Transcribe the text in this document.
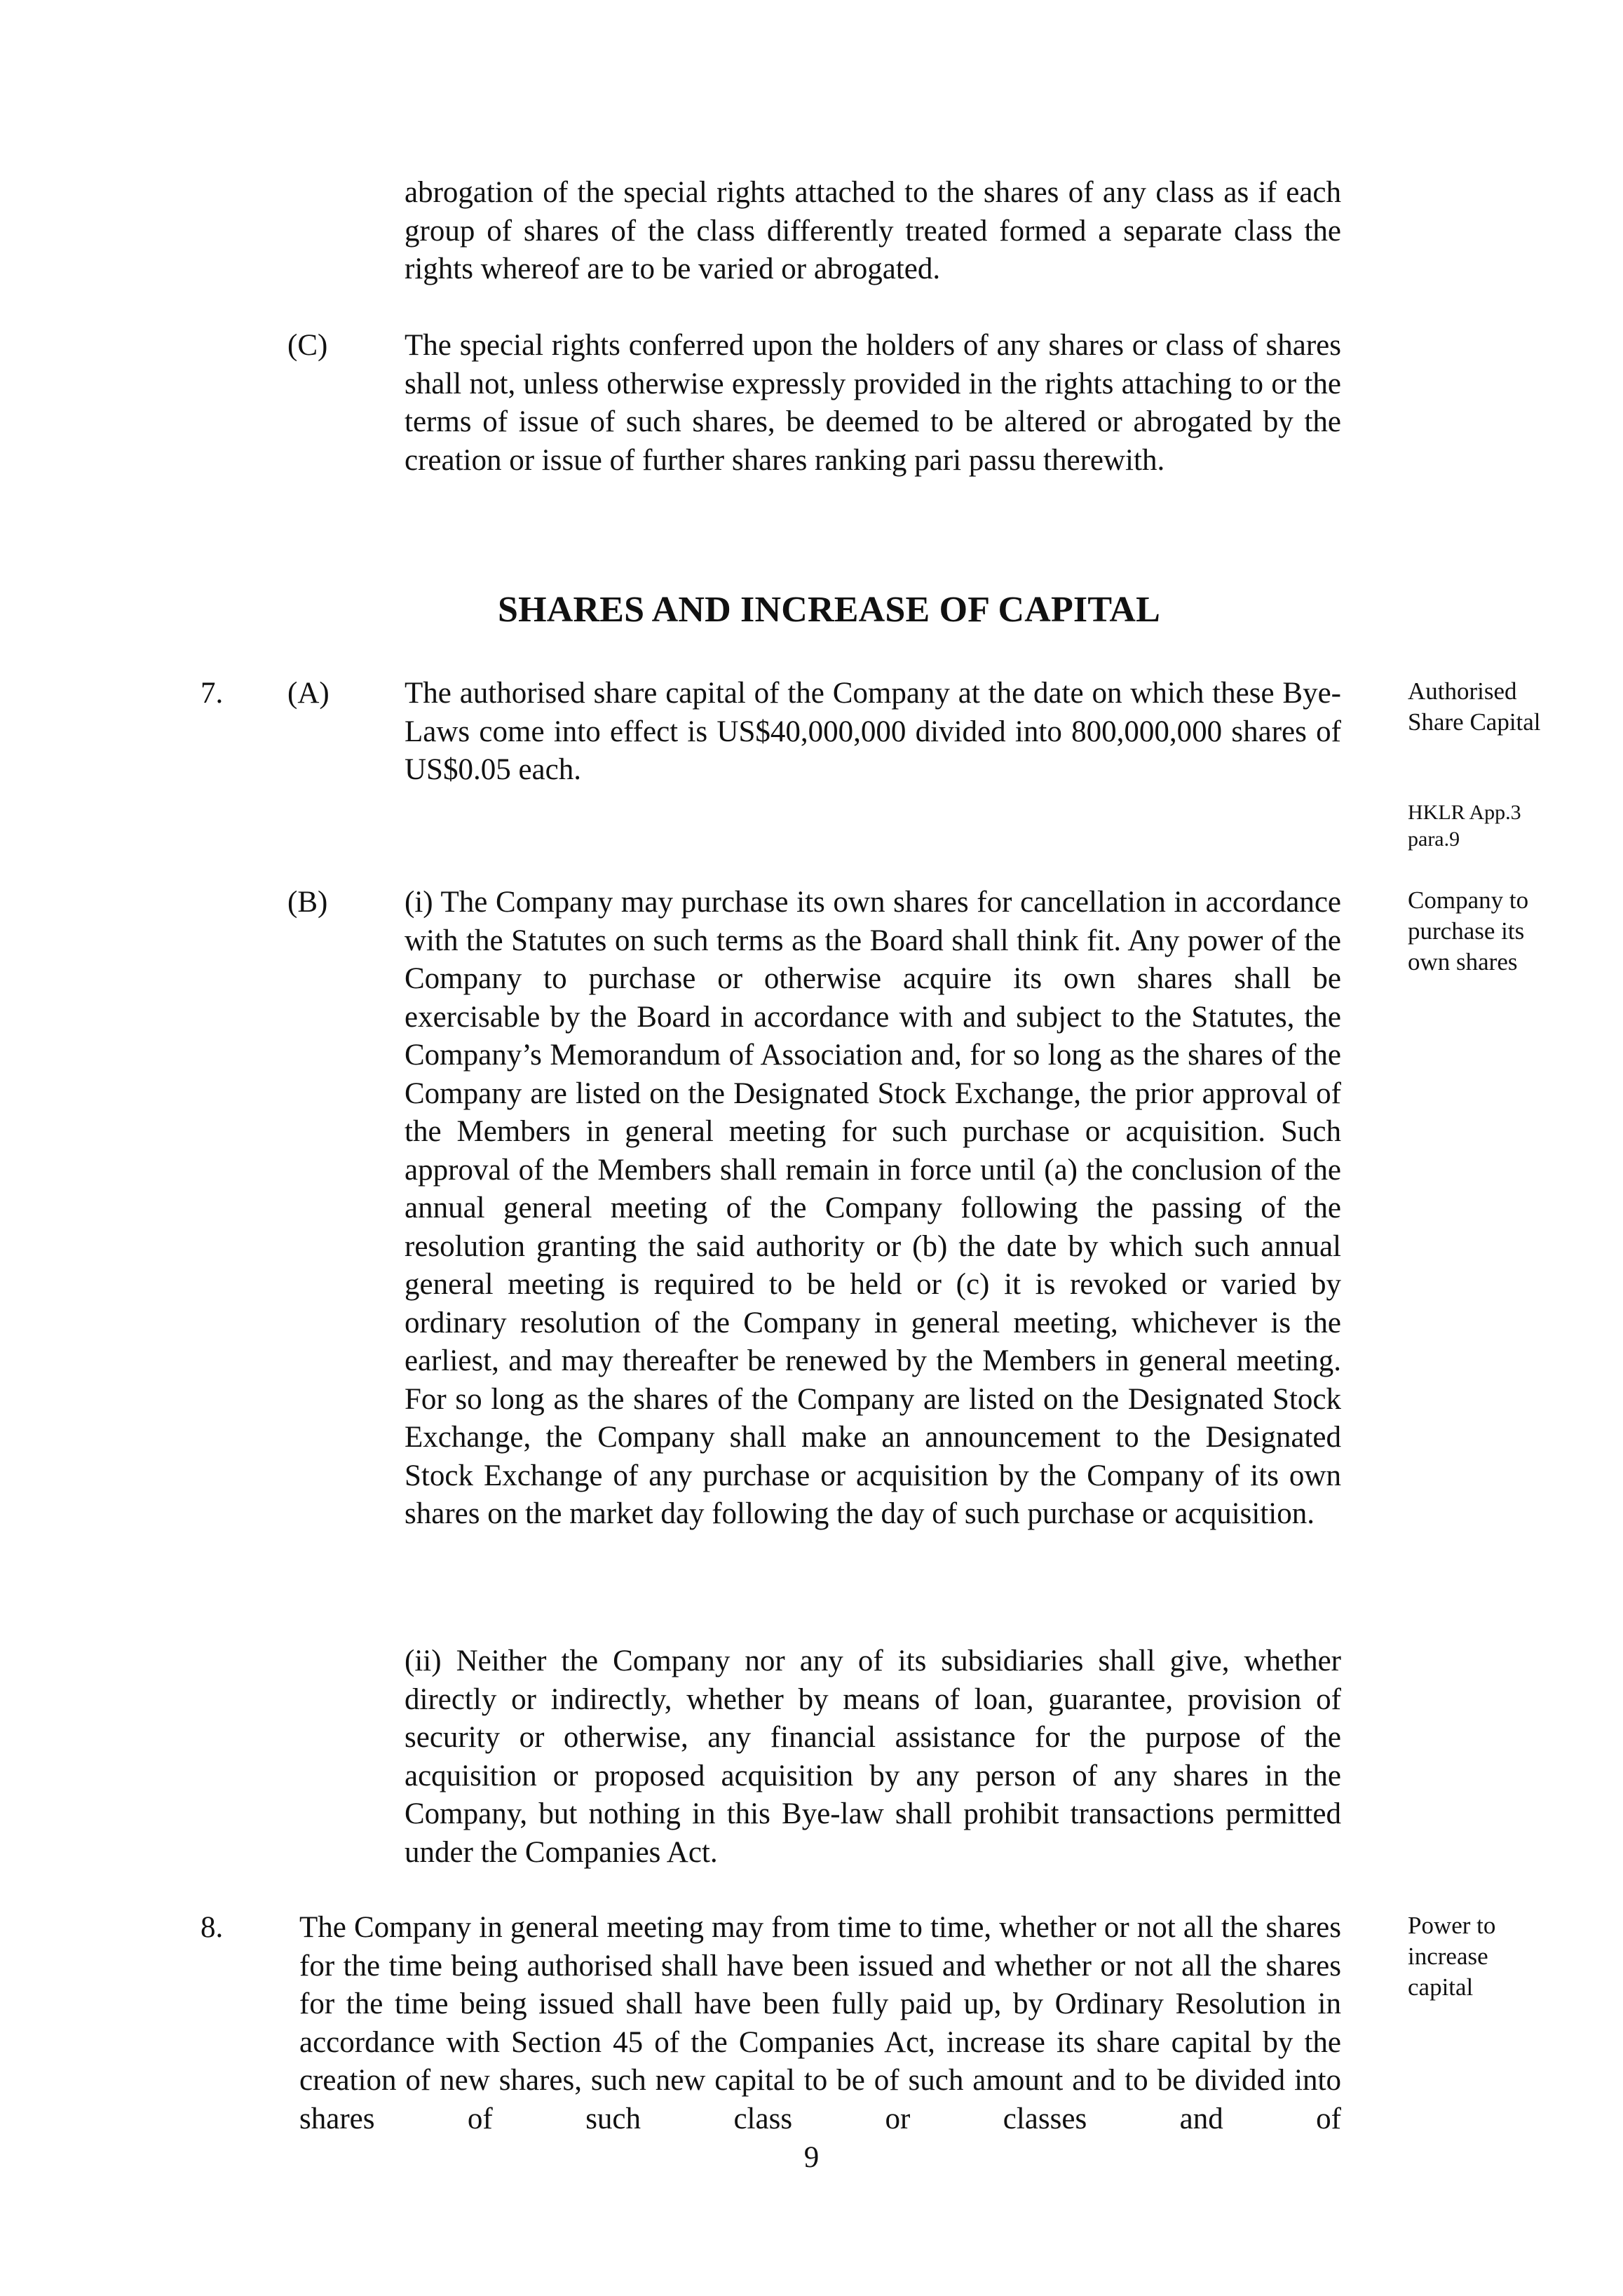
abrogation of the special rights attached to the shares of any class as if each group of shares of the class differently treated formed a separate class the rights whereof are to be varied or abrogated.

(C)	The special rights conferred upon the holders of any shares or class of shares shall not, unless otherwise expressly provided in the rights attaching to or the terms of issue of such shares, be deemed to be altered or abrogated by the creation or issue of further shares ranking pari passu therewith.

SHARES AND INCREASE OF CAPITAL
7. (A) The authorised share capital of the Company at the date on which these Bye-Laws come into effect is US$40,000,000 divided into 800,000,000 shares of US$0.05 each.

Authorised Share Capital

HKLR App.3 para.9

(B)	(i) The Company may purchase its own shares for cancellation in accordance with the Statutes on such terms as the Board shall think fit. Any power of the Company to purchase or otherwise acquire its own shares shall be exercisable by the Board in accordance with and subject to the Statutes, the Company’s Memorandum of Association and, for so long as the shares of the Company are listed on the Designated Stock Exchange, the prior approval of the Members in general meeting for such purchase or acquisition. Such approval of the Members shall remain in force until (a) the conclusion of the annual general meeting of the Company following the passing of the resolution granting the said authority or (b) the date by which such annual general meeting is required to be held or (c) it is revoked or varied by ordinary resolution of the Company in general meeting, whichever is the earliest, and may thereafter be renewed by the Members in general meeting. For so long as the shares of the Company are listed on the Designated Stock Exchange, the Company shall make an announcement to the Designated Stock Exchange of any purchase or acquisition by the Company of its own shares on the market day following the day of such purchase or acquisition.

Company to purchase its own shares

(ii) Neither the Company nor any of its subsidiaries shall give, whether directly or indirectly, whether by means of loan, guarantee, provision of security or otherwise, any financial assistance for the purpose of the acquisition or proposed acquisition by any person of any shares in the Company, but nothing in this Bye-law shall prohibit transactions permitted under the Companies Act.

8.	The Company in general meeting may from time to time, whether or not all the shares for the time being authorised shall have been issued and whether or not all the shares for the time being issued shall have been fully paid up, by Ordinary Resolution in accordance with Section 45 of the Companies Act, increase its share capital by the creation of new shares, such new capital to be of such amount and to be divided into shares of such class or classes and of

Power to increase capital

9
